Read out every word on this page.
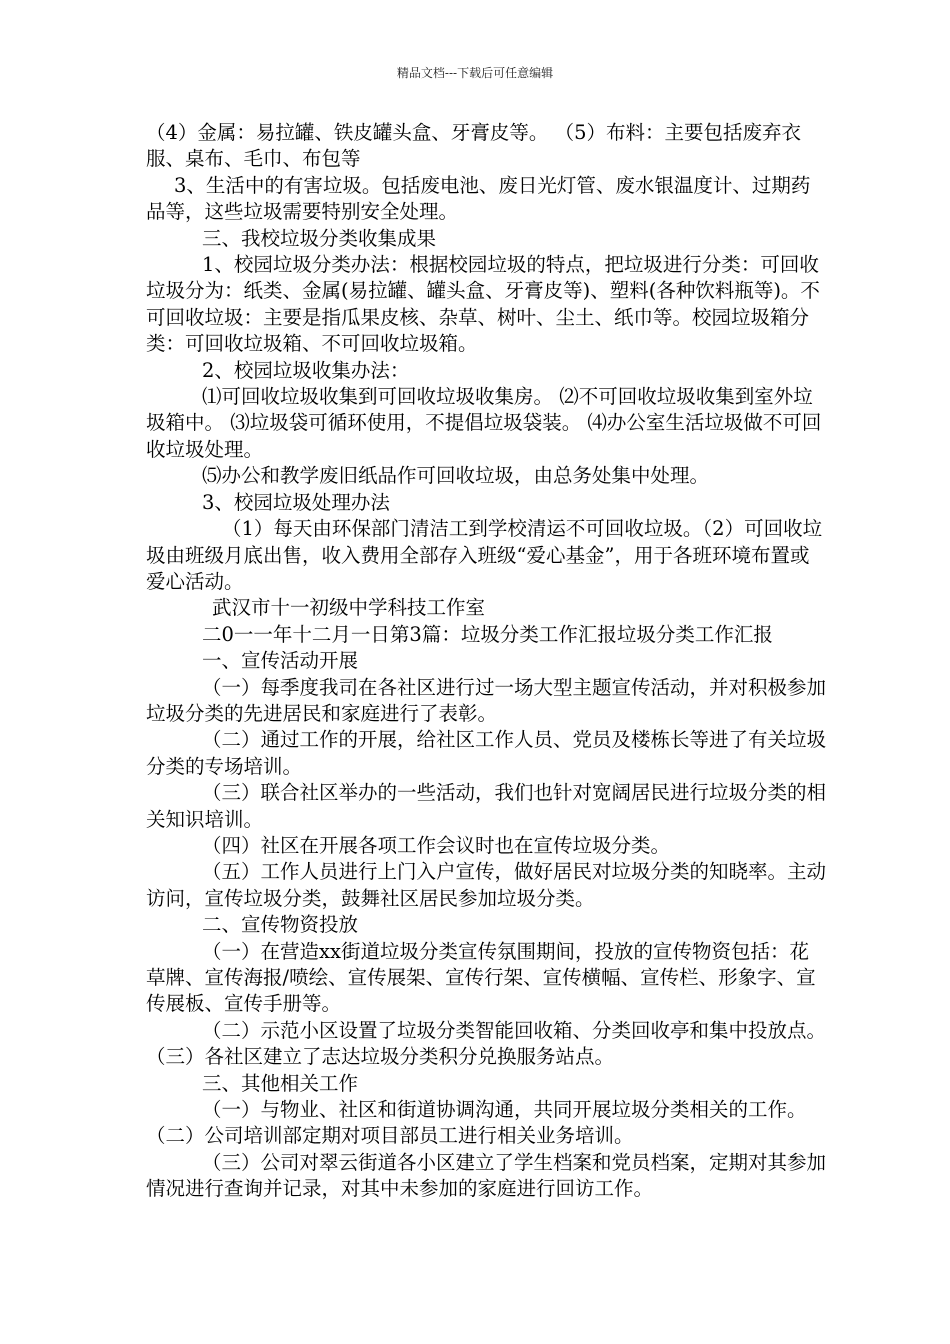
精品文档---下载后可任意编辑

（4）金属：易拉罐、铁皮罐头盒、牙膏皮等。 （5）布料：主要包括废弃衣服、桌布、毛巾、布包等

3、生活中的有害垃圾。包括废电池、废日光灯管、废水银温度计、过期药品等，这些垃圾需要特别安全处理。

三、我校垃圾分类收集成果

1、校园垃圾分类办法：根据校园垃圾的特点，把垃圾进行分类：可回收垃圾分为：纸类、金属(易拉罐、罐头盒、牙膏皮等)、塑料(各种饮料瓶等)。不可回收垃圾：主要是指瓜果皮核、杂草、树叶、尘土、纸巾等。校园垃圾箱分类：可回收垃圾箱、不可回收垃圾箱。

2、校园垃圾收集办法：

⑴可回收垃圾收集到可回收垃圾收集房。 ⑵不可回收垃圾收集到室外垃圾箱中。 ⑶垃圾袋可循环使用，不提倡垃圾袋装。 ⑷办公室生活垃圾做不可回收垃圾处理。

⑸办公和教学废旧纸品作可回收垃圾，由总务处集中处理。

3、校园垃圾处理办法

（1）每天由环保部门清洁工到学校清运不可回收垃圾。（2）可回收垃圾由班级月底出售，收入费用全部存入班级“爱心基金”，用于各班环境布置或爱心活动。

武汉市十一初级中学科技工作室

二0一一年十二月一日第3篇：垃圾分类工作汇报垃圾分类工作汇报

一、宣传活动开展

（一）每季度我司在各社区进行过一场大型主题宣传活动，并对积极参加垃圾分类的先进居民和家庭进行了表彰。

（二）通过工作的开展，给社区工作人员、党员及楼栋长等进了有关垃圾分类的专场培训。

（三）联合社区举办的一些活动，我们也针对宽阔居民进行垃圾分类的相关知识培训。

（四）社区在开展各项工作会议时也在宣传垃圾分类。

（五）工作人员进行上门入户宣传，做好居民对垃圾分类的知晓率。主动访问，宣传垃圾分类，鼓舞社区居民参加垃圾分类。

二、宣传物资投放

（一）在营造xx街道垃圾分类宣传氛围期间，投放的宣传物资包括：花草牌、宣传海报/喷绘、宣传展架、宣传行架、宣传横幅、宣传栏、形象字、宣传展板、宣传手册等。

（二）示范小区设置了垃圾分类智能回收箱、分类回收亭和集中投放点。 （三）各社区建立了志达垃圾分类积分兑换服务站点。

三、其他相关工作

（一）与物业、社区和街道协调沟通，共同开展垃圾分类相关的工作。 （二）公司培训部定期对项目部员工进行相关业务培训。

（三）公司对翠云街道各小区建立了学生档案和党员档案，定期对其参加情况进行查询并记录，对其中未参加的家庭进行回访工作。
